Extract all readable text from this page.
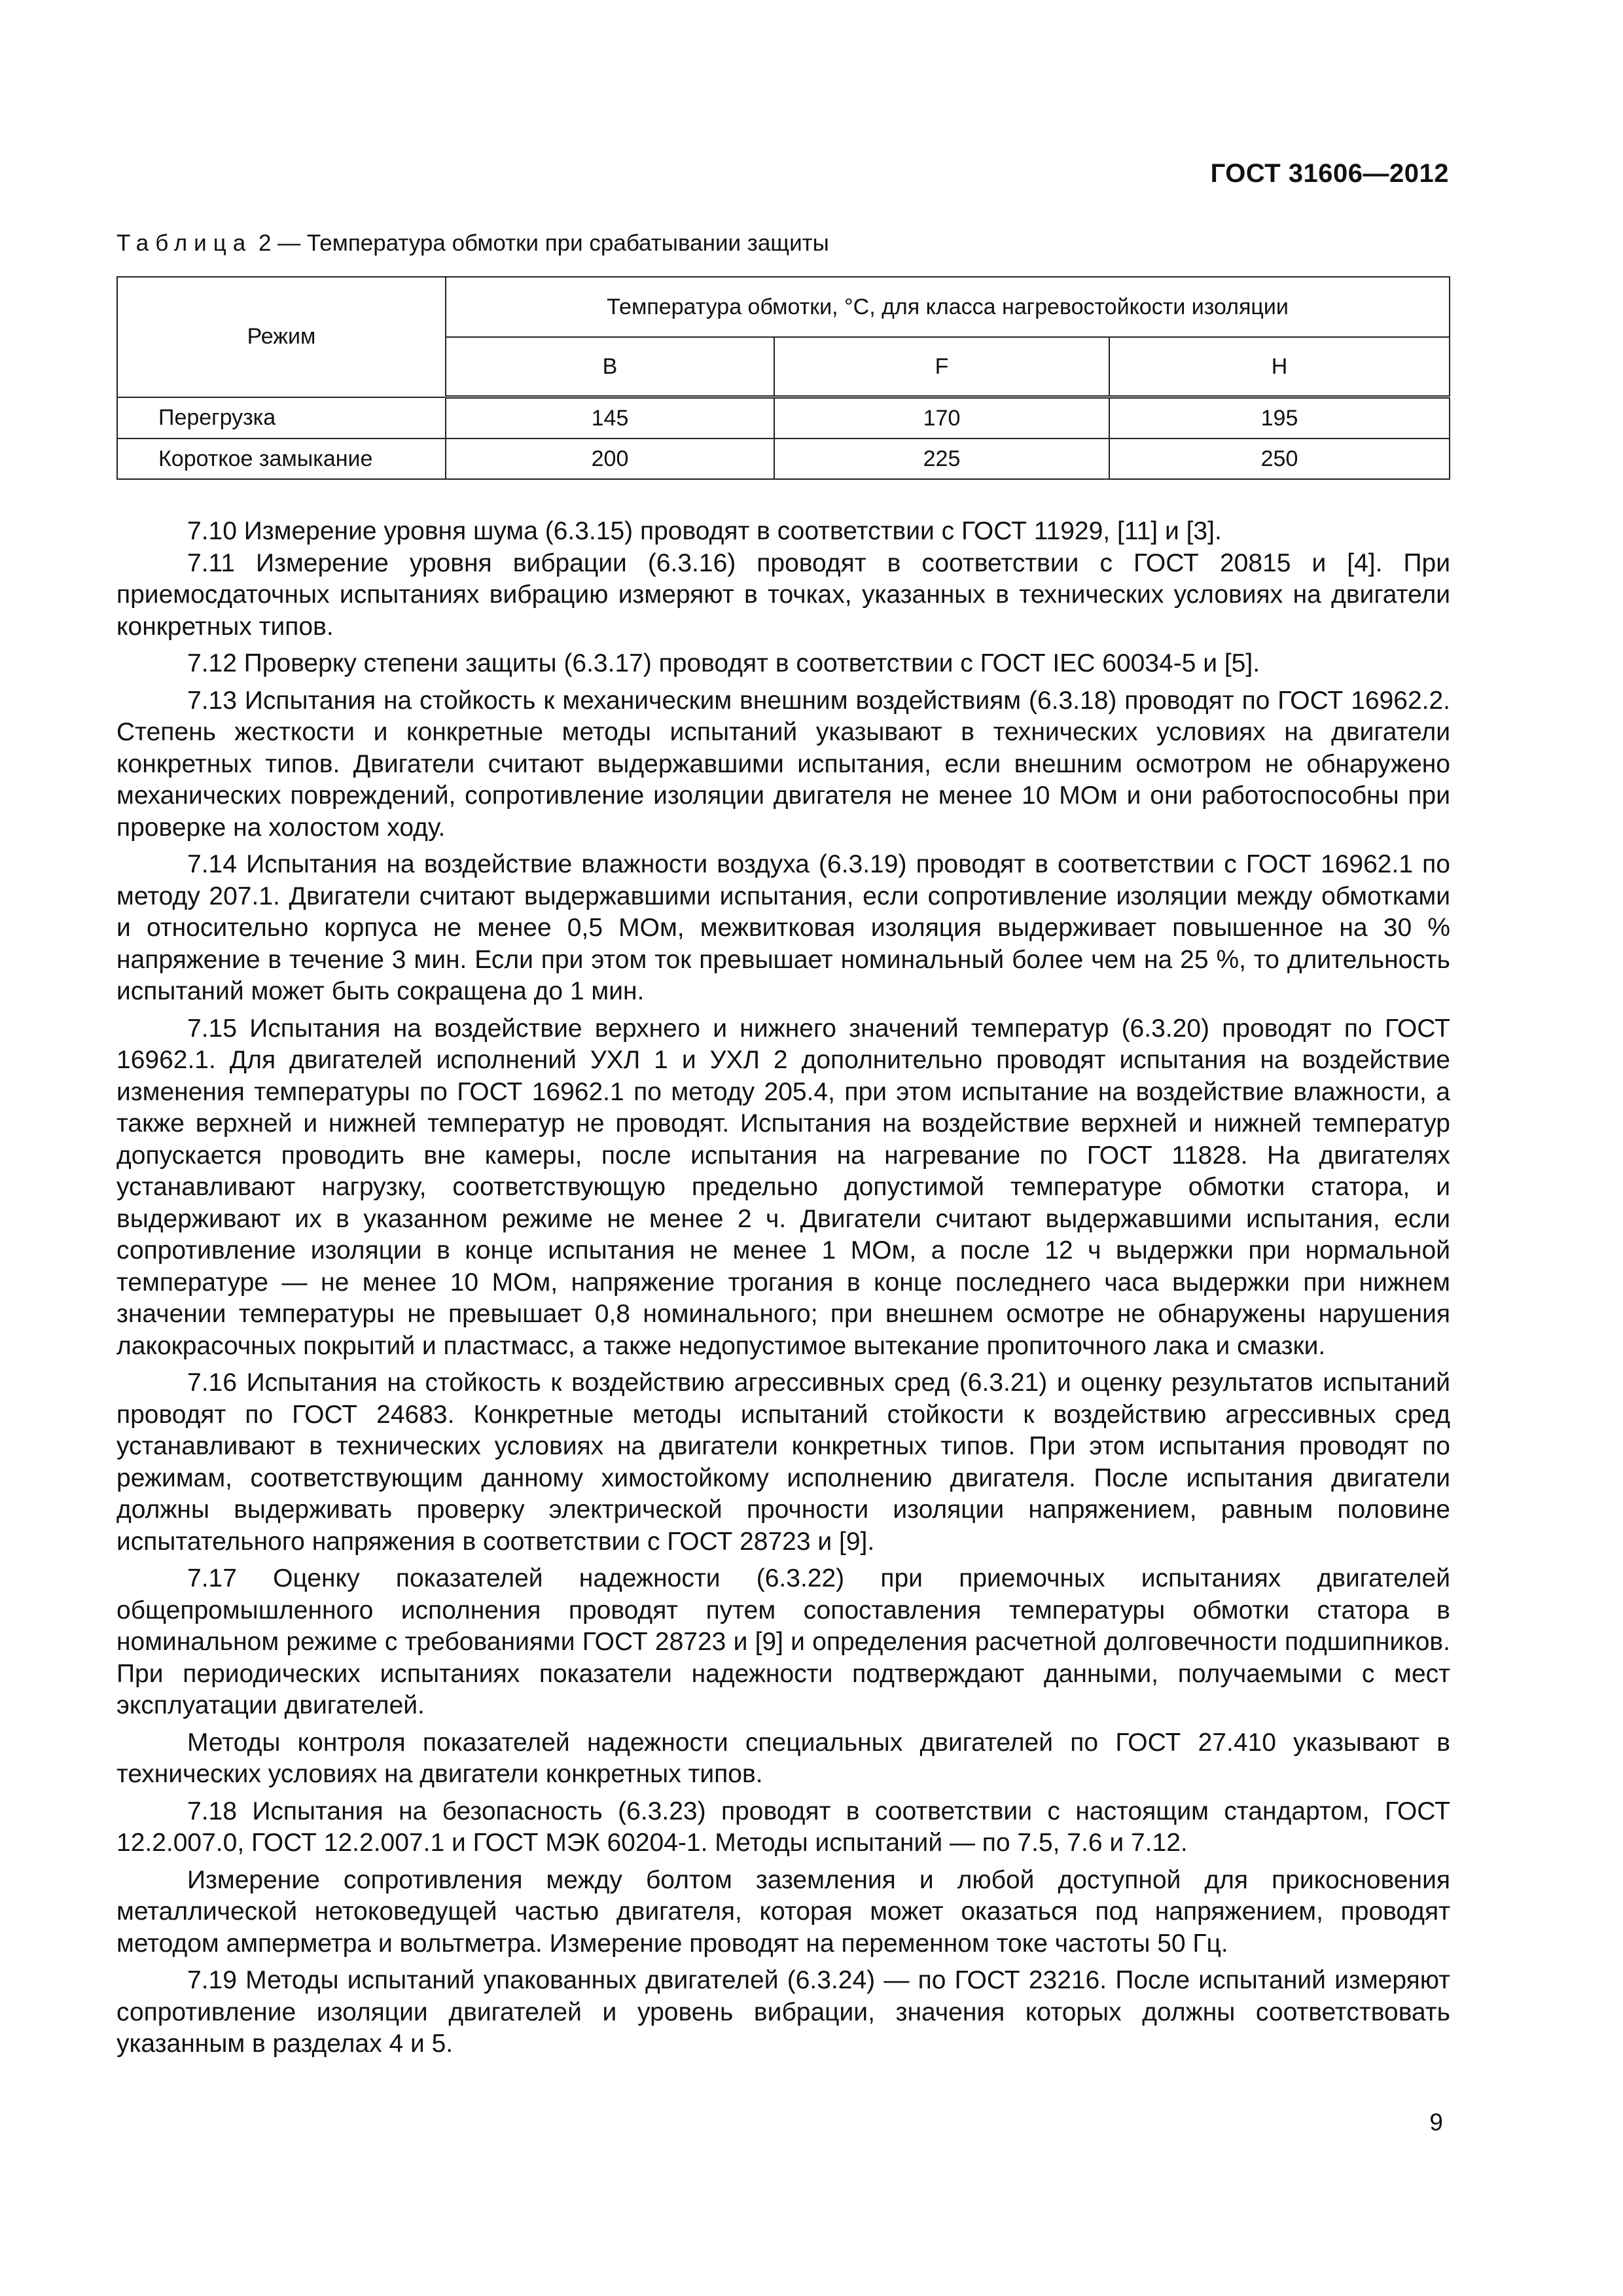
ГОСТ 31606—2012
Таблица 2 — Температура обмотки при срабатывании защиты
Режим	Температура обмотки, °С, для класса нагревостойкости изоляции		
	B	F	H
Перегрузка	145	170	195
Короткое замыкание	200	225	250

7.10 Измерение уровня шума (6.3.15) проводят в соответствии с ГОСТ 11929, [11] и [3].

7.11 Измерение уровня вибрации (6.3.16) проводят в соответствии с ГОСТ 20815 и [4]. При приемосдаточных испытаниях вибрацию измеряют в точках, указанных в технических условиях на двигатели конкретных типов.

7.12 Проверку степени защиты (6.3.17) проводят в соответствии с ГОСТ IEC 60034-5 и [5].

7.13 Испытания на стойкость к механическим внешним воздействиям (6.3.18) проводят по ГОСТ 16962.2. Степень жесткости и конкретные методы испытаний указывают в технических условиях на двигатели конкретных типов. Двигатели считают выдержавшими испытания, если внешним осмотром не обнаружено механических повреждений, сопротивление изоляции двигателя не менее 10 МОм и они работоспособны при проверке на холостом ходу.

7.14 Испытания на воздействие влажности воздуха (6.3.19) проводят в соответствии с ГОСТ 16962.1 по методу 207.1. Двигатели считают выдержавшими испытания, если сопротивление изоляции между обмотками и относительно корпуса не менее 0,5 МОм, межвитковая изоляция выдерживает повышенное на 30 % напряжение в течение 3 мин. Если при этом ток превышает номинальный более чем на 25 %, то длительность испытаний может быть сокращена до 1 мин.

7.15 Испытания на воздействие верхнего и нижнего значений температур (6.3.20) проводят по ГОСТ 16962.1. Для двигателей исполнений УХЛ 1 и УХЛ 2 дополнительно проводят испытания на воздействие изменения температуры по ГОСТ 16962.1 по методу 205.4, при этом испытание на воздействие влажности, а также верхней и нижней температур не проводят. Испытания на воздействие верхней и нижней температур допускается проводить вне камеры, после испытания на нагревание по ГОСТ 11828. На двигателях устанавливают нагрузку, соответствующую предельно допустимой температуре обмотки статора, и выдерживают их в указанном режиме не менее 2 ч. Двигатели считают выдержавшими испытания, если сопротивление изоляции в конце испытания не менее 1 МОм, а после 12 ч выдержки при нормальной температуре — не менее 10 МОм, напряжение трогания в конце последнего часа выдержки при нижнем значении температуры не превышает 0,8 номинального; при внешнем осмотре не обнаружены нарушения лакокрасочных покрытий и пластмасс, а также недопустимое вытекание пропиточного лака и смазки.

7.16 Испытания на стойкость к воздействию агрессивных сред (6.3.21) и оценку результатов испытаний проводят по ГОСТ 24683. Конкретные методы испытаний стойкости к воздействию агрессивных сред устанавливают в технических условиях на двигатели конкретных типов. При этом испытания проводят по режимам, соответствующим данному химостойкому исполнению двигателя. После испытания двигатели должны выдерживать проверку электрической прочности изоляции напряжением, равным половине испытательного напряжения в соответствии с ГОСТ 28723 и [9].

7.17 Оценку показателей надежности (6.3.22) при приемочных испытаниях двигателей общепромышленного исполнения проводят путем сопоставления температуры обмотки статора в номинальном режиме с требованиями ГОСТ 28723 и [9] и определения расчетной долговечности подшипников. При периодических испытаниях показатели надежности подтверждают данными, получаемыми с мест эксплуатации двигателей.

Методы контроля показателей надежности специальных двигателей по ГОСТ 27.410 указывают в технических условиях на двигатели конкретных типов.

7.18 Испытания на безопасность (6.3.23) проводят в соответствии с настоящим стандартом, ГОСТ 12.2.007.0, ГОСТ 12.2.007.1 и ГОСТ МЭК 60204-1. Методы испытаний — по 7.5, 7.6 и 7.12.

Измерение сопротивления между болтом заземления и любой доступной для прикосновения металлической нетоковедущей частью двигателя, которая может оказаться под напряжением, проводят методом амперметра и вольтметра. Измерение проводят на переменном токе частоты 50 Гц.

7.19 Методы испытаний упакованных двигателей (6.3.24) — по ГОСТ 23216. После испытаний измеряют сопротивление изоляции двигателей и уровень вибрации, значения которых должны соответствовать указанным в разделах 4 и 5.

9
